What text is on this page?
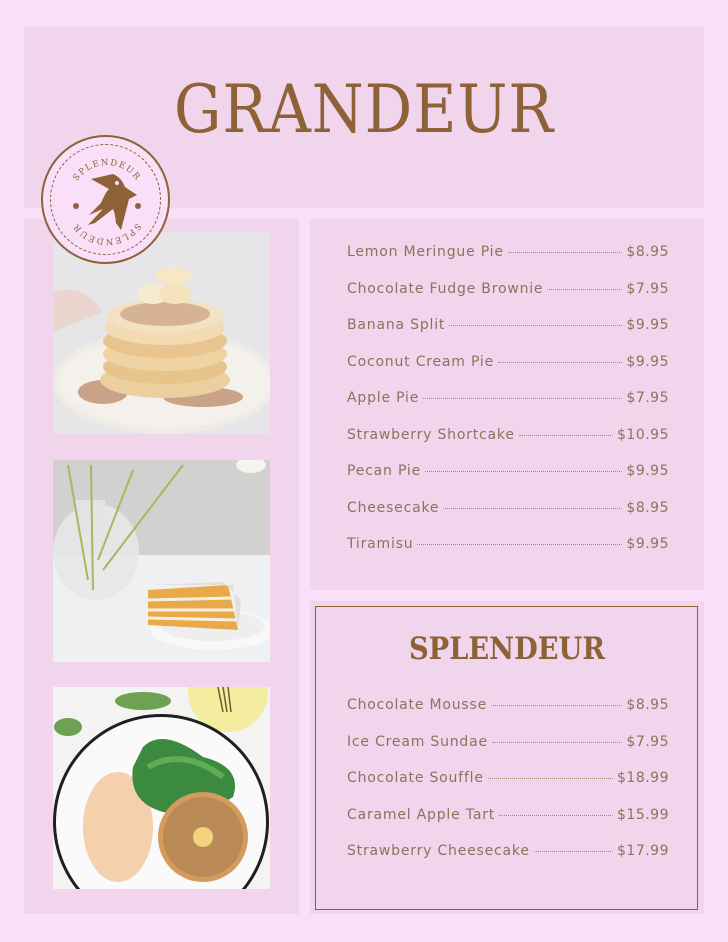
GRANDEUR
SPLENDEUR
SPLENDEUR
Lemon Meringue Pie	$8.95
Chocolate Fudge Brownie	$7.95
Banana Split	$9.95
Coconut Cream Pie	$9.95
Apple Pie	$7.95
Strawberry Shortcake	$10.95
Pecan Pie	$9.95
Cheesecake	$8.95
Tiramisu	$9.95
SPLENDEUR
Chocolate Mousse	$8.95
Ice Cream Sundae	$7.95
Chocolate Souffle	$18.99
Caramel Apple Tart	$15.99
Strawberry Cheesecake	$17.99
